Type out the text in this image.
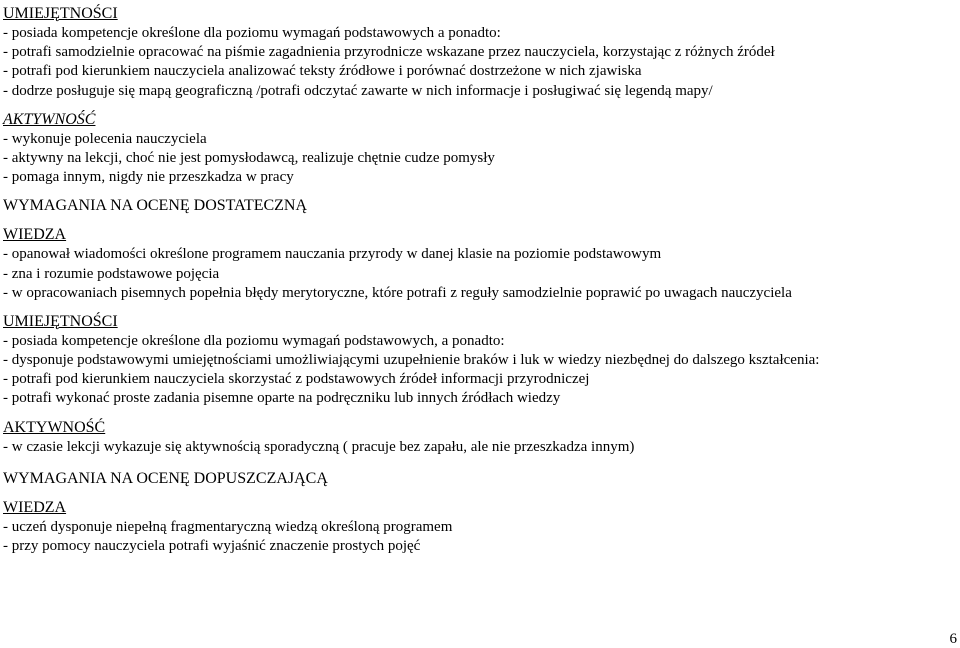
UMIEJĘTNOŚCI
- posiada kompetencje określone dla poziomu wymagań podstawowych a ponadto:
- potrafi samodzielnie opracować na piśmie zagadnienia przyrodnicze wskazane przez nauczyciela, korzystając z różnych źródeł
- potrafi pod kierunkiem nauczyciela analizować teksty źródłowe i porównać dostrzeżone w nich zjawiska
- dodrze posługuje się mapą geograficzną /potrafi odczytać zawarte w nich informacje i posługiwać się legendą mapy/
AKTYWNOŚĆ
- wykonuje polecenia nauczyciela
- aktywny na lekcji, choć nie jest pomysłodawcą, realizuje chętnie cudze pomysły
- pomaga innym, nigdy nie przeszkadza w pracy
WYMAGANIA NA OCENĘ DOSTATECZNĄ
WIEDZA
- opanował wiadomości określone programem nauczania przyrody w danej klasie na poziomie podstawowym
- zna i rozumie podstawowe pojęcia
- w opracowaniach pisemnych popełnia błędy merytoryczne, które potrafi z reguły samodzielnie poprawić po uwagach nauczyciela
UMIEJĘTNOŚCI
- posiada kompetencje określone dla poziomu wymagań podstawowych, a ponadto:
- dysponuje podstawowymi umiejętnościami umożliwiającymi uzupełnienie braków i luk w wiedzy niezbędnej do dalszego kształcenia:
- potrafi pod kierunkiem nauczyciela skorzystać z podstawowych źródeł informacji przyrodniczej
- potrafi wykonać proste zadania pisemne oparte na podręczniku lub innych źródłach wiedzy
AKTYWNOŚĆ
- w czasie lekcji wykazuje się aktywnością sporadyczną ( pracuje bez zapału, ale nie przeszkadza innym)
WYMAGANIA NA OCENĘ DOPUSZCZAJĄCĄ
WIEDZA
- uczeń dysponuje niepełną fragmentaryczną wiedzą określoną programem
- przy pomocy nauczyciela potrafi wyjaśnić znaczenie prostych pojęć
6
